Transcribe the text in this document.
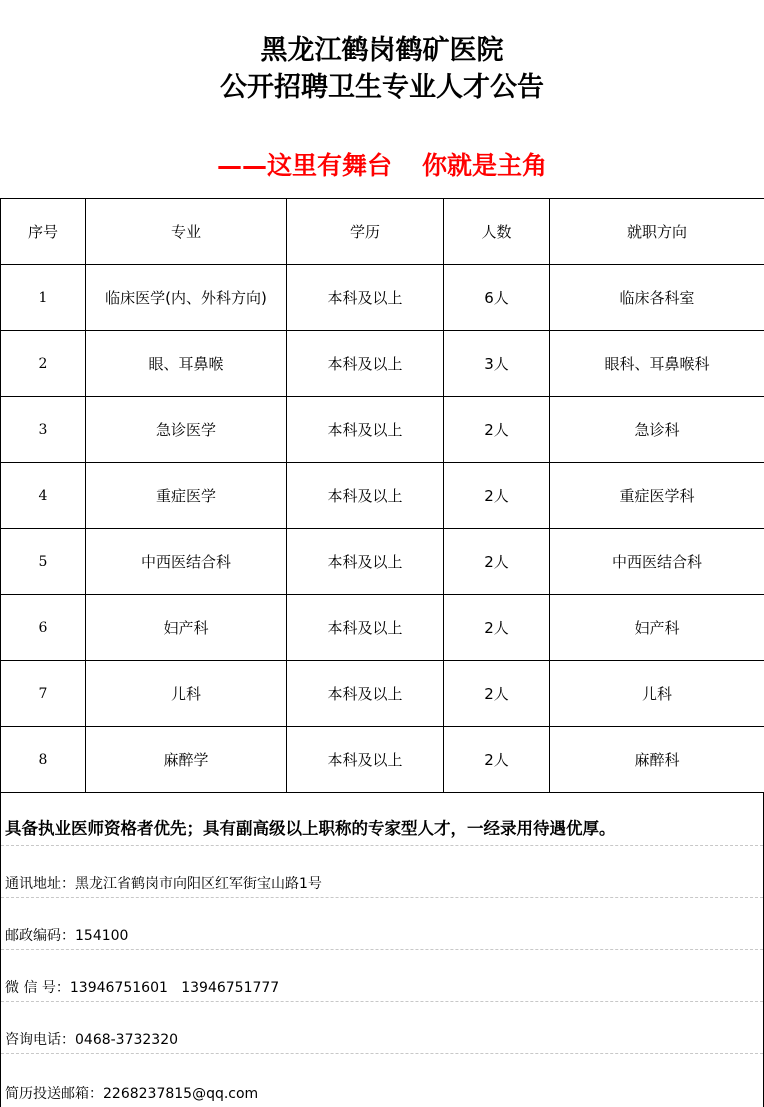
黑龙江鹤岗鹤矿医院
公开招聘卫生专业人才公告
——这里有舞台 你就是主角
序号	专业	学历	人数	就职方向
1	临床医学(内、外科方向)	本科及以上	6人	临床各科室
2	眼、耳鼻喉	本科及以上	3人	眼科、耳鼻喉科
3	急诊医学	本科及以上	2人	急诊科
4	重症医学	本科及以上	2人	重症医学科
5	中西医结合科	本科及以上	2人	中西医结合科
6	妇产科	本科及以上	2人	妇产科
7	儿科	本科及以上	2人	儿科
8	麻醉学	本科及以上	2人	麻醉科
具备执业医师资格者优先；具有副高级以上职称的专家型人才，一经录用待遇优厚。
通讯地址：黑龙江省鹤岗市向阳区红军街宝山路1号
邮政编码：154100
微 信 号：13946751601   13946751777
咨询电话：0468-3732320
简历投送邮箱：2268237815@qq.com
